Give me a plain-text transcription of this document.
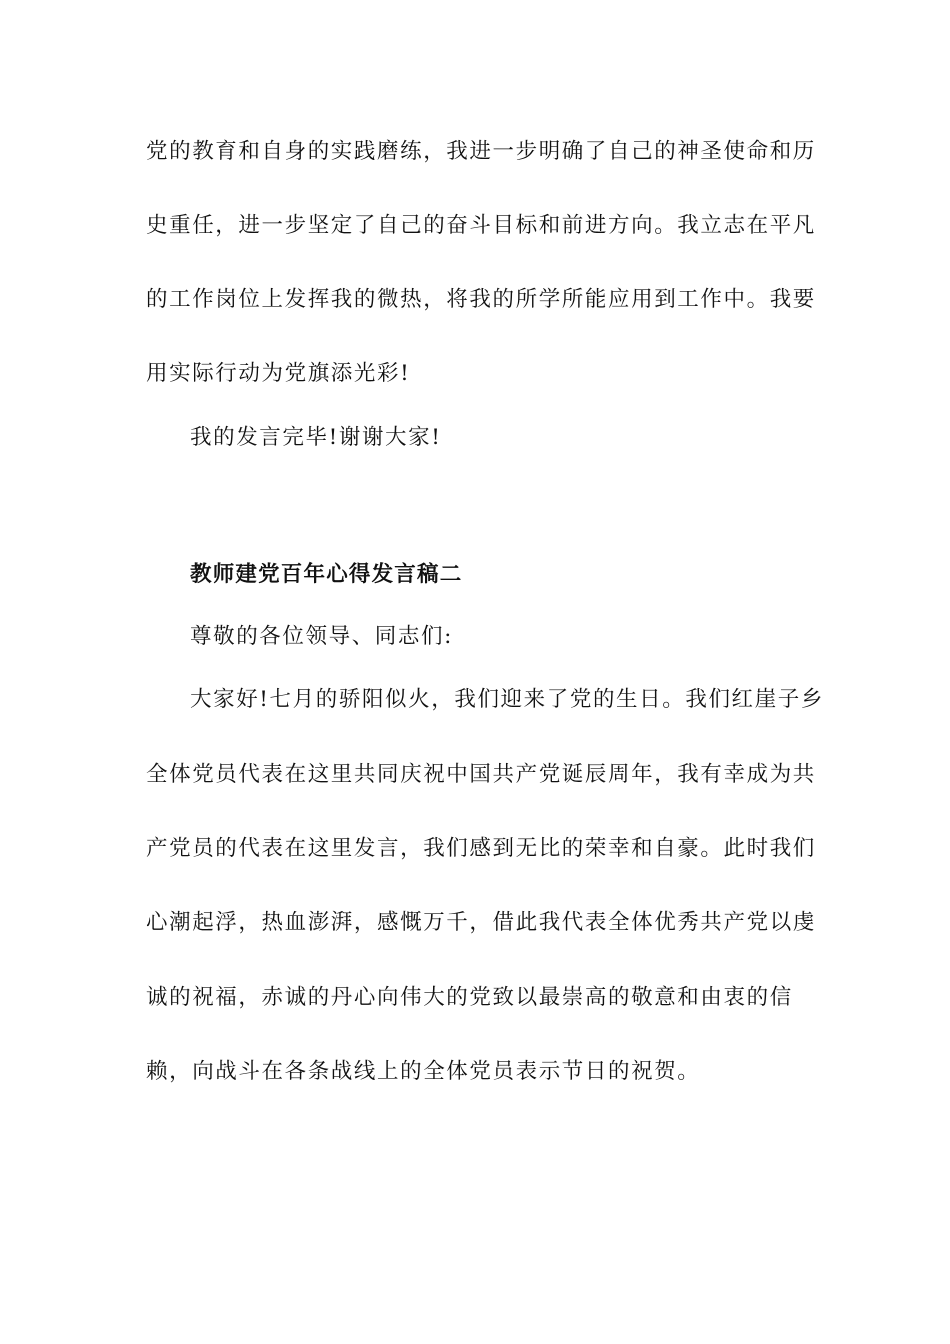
党的教育和自身的实践磨练，我进一步明确了自己的神圣使命和历
史重任，进一步坚定了自己的奋斗目标和前进方向。我立志在平凡
的工作岗位上发挥我的微热，将我的所学所能应用到工作中。我要
用实际行动为党旗添光彩!
我的发言完毕!谢谢大家!
教师建党百年心得发言稿二
尊敬的各位领导、同志们:
大家好!七月的骄阳似火，我们迎来了党的生日。我们红崖子乡
全体党员代表在这里共同庆祝中国共产党诞辰周年，我有幸成为共
产党员的代表在这里发言，我们感到无比的荣幸和自豪。此时我们
心潮起浮，热血澎湃，感慨万千，借此我代表全体优秀共产党以虔
诚的祝福，赤诚的丹心向伟大的党致以最崇高的敬意和由衷的信
赖，向战斗在各条战线上的全体党员表示节日的祝贺。
